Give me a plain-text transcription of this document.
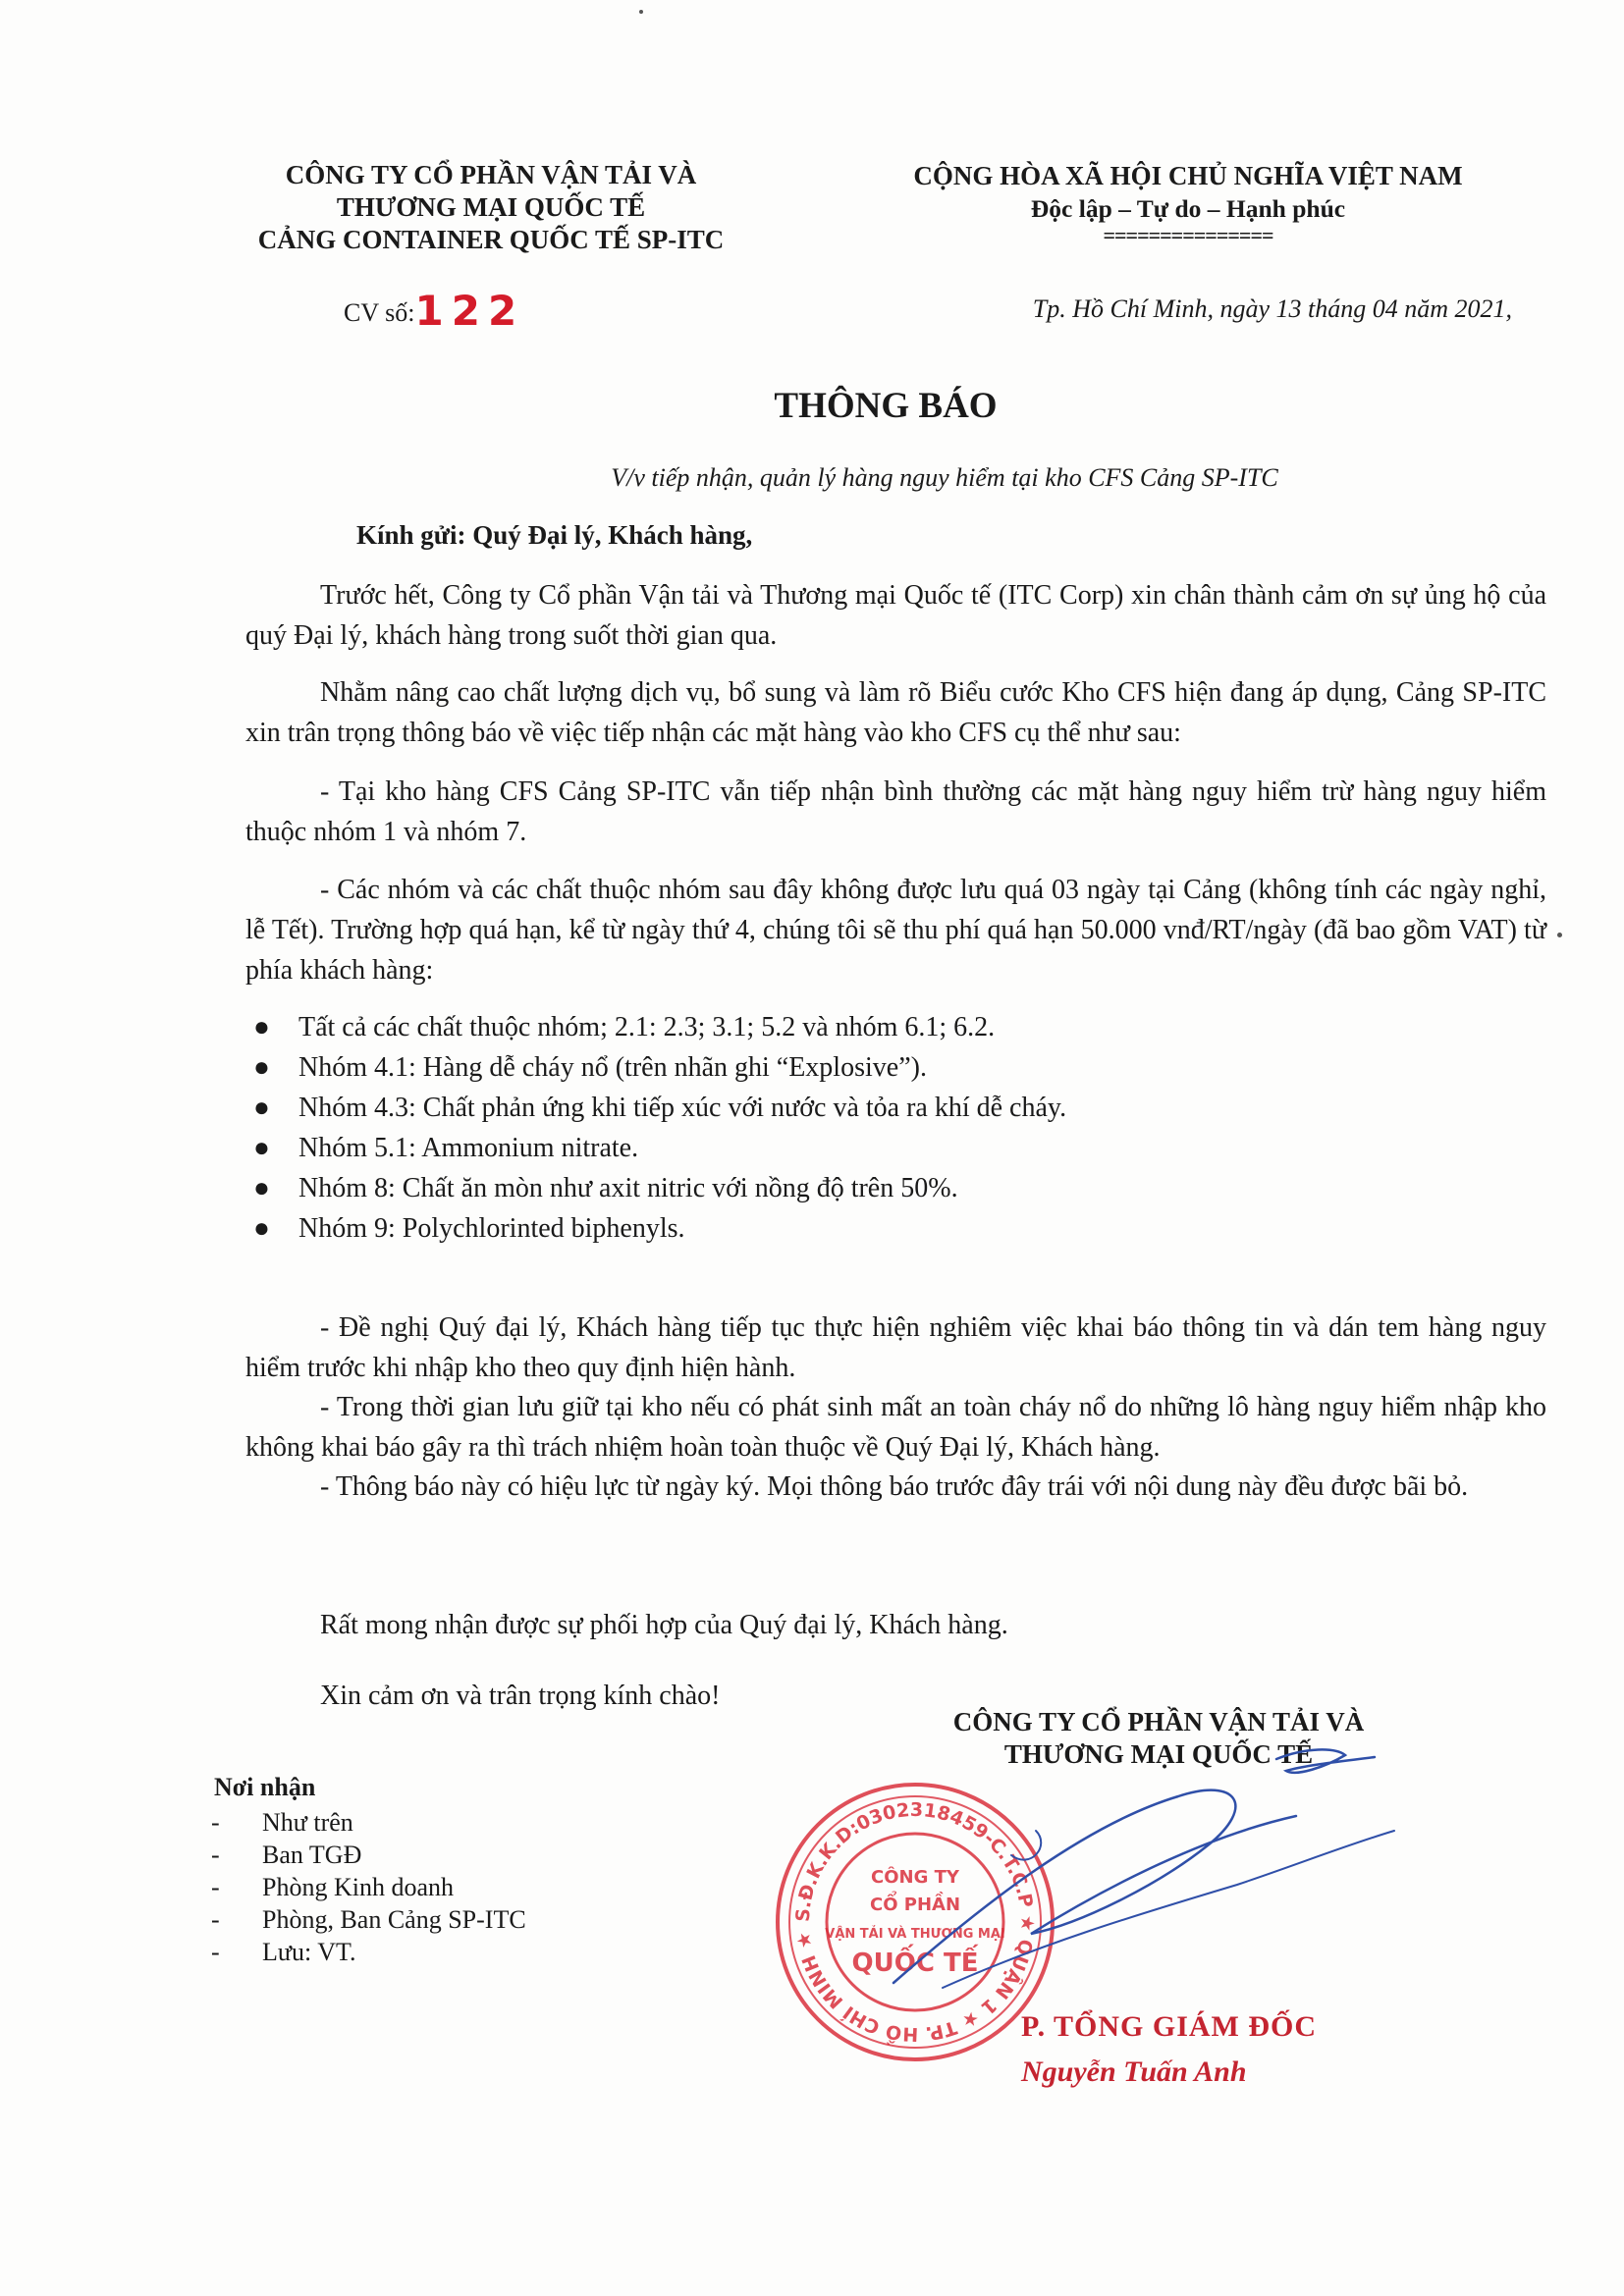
CÔNG TY CỔ PHẦN VẬN TẢI VÀ
THƯƠNG MẠI QUỐC TẾ
CẢNG CONTAINER QUỐC TẾ SP-ITC
CỘNG HÒA XÃ HỘI CHỦ NGHĨA VIỆT NAM
Độc lập – Tự do – Hạnh phúc
===============
CV số:122	Tp. Hồ Chí Minh, ngày 13 tháng 04 năm 2021,
THÔNG BÁO
V/v tiếp nhận, quản lý hàng nguy hiểm tại kho CFS Cảng SP-ITC
Kính gửi: Quý Đại lý, Khách hàng,

Trước hết, Công ty Cổ phần Vận tải và Thương mại Quốc tế (ITC Corp) xin chân thành cảm ơn sự ủng hộ của quý Đại lý, khách hàng trong suốt thời gian qua.

Nhằm nâng cao chất lượng dịch vụ, bổ sung và làm rõ Biểu cước Kho CFS hiện đang áp dụng, Cảng SP-ITC xin trân trọng thông báo về việc tiếp nhận các mặt hàng vào kho CFS cụ thể như sau:

- Tại kho hàng CFS Cảng SP-ITC vẫn tiếp nhận bình thường các mặt hàng nguy hiểm trừ hàng nguy hiểm thuộc nhóm 1 và nhóm 7.

- Các nhóm và các chất thuộc nhóm sau đây không được lưu quá 03 ngày tại Cảng (không tính các ngày nghỉ, lễ Tết). Trường hợp quá hạn, kể từ ngày thứ 4, chúng tôi sẽ thu phí quá hạn 50.000 vnđ/RT/ngày (đã bao gồm VAT) từ phía khách hàng:

● Tất cả các chất thuộc nhóm; 2.1: 2.3; 3.1; 5.2 và nhóm 6.1; 6.2.
● Nhóm 4.1: Hàng dễ cháy nổ (trên nhãn ghi “Explosive”).
● Nhóm 4.3: Chất phản ứng khi tiếp xúc với nước và tỏa ra khí dễ cháy.
● Nhóm 5.1: Ammonium nitrate.
● Nhóm 8: Chất ăn mòn như axit nitric với nồng độ trên 50%.
● Nhóm 9: Polychlorinted biphenyls.

- Đề nghị Quý đại lý, Khách hàng tiếp tục thực hiện nghiêm việc khai báo thông tin và dán tem hàng nguy hiểm trước khi nhập kho theo quy định hiện hành.

- Trong thời gian lưu giữ tại kho nếu có phát sinh mất an toàn cháy nổ do những lô hàng nguy hiểm nhập kho không khai báo gây ra thì trách nhiệm hoàn toàn thuộc về Quý Đại lý, Khách hàng.

- Thông báo này có hiệu lực từ ngày ký. Mọi thông báo trước đây trái với nội dung này đều được bãi bỏ.

Rất mong nhận được sự phối hợp của Quý đại lý, Khách hàng.
Xin cảm ơn và trân trọng kính chào!
CÔNG TY CỔ PHẦN VẬN TẢI VÀ
THƯƠNG MẠI QUỐC TẾ
Nơi nhận
- Như trên
- Ban TGĐ
- Phòng Kinh doanh
- Phòng, Ban Cảng SP-ITC
- Lưu: VT.
S.Đ.K.K.D:0302318459-C.T.C.P ★ QUẬN 1 ★ TP. HỒ CHÍ MINH ★
CÔNG TY
CỔ PHẦN
VẬN TẢI VÀ THƯƠNG MẠI
QUỐC TẾ
P. TỔNG GIÁM ĐỐC
Nguyễn Tuấn Anh
